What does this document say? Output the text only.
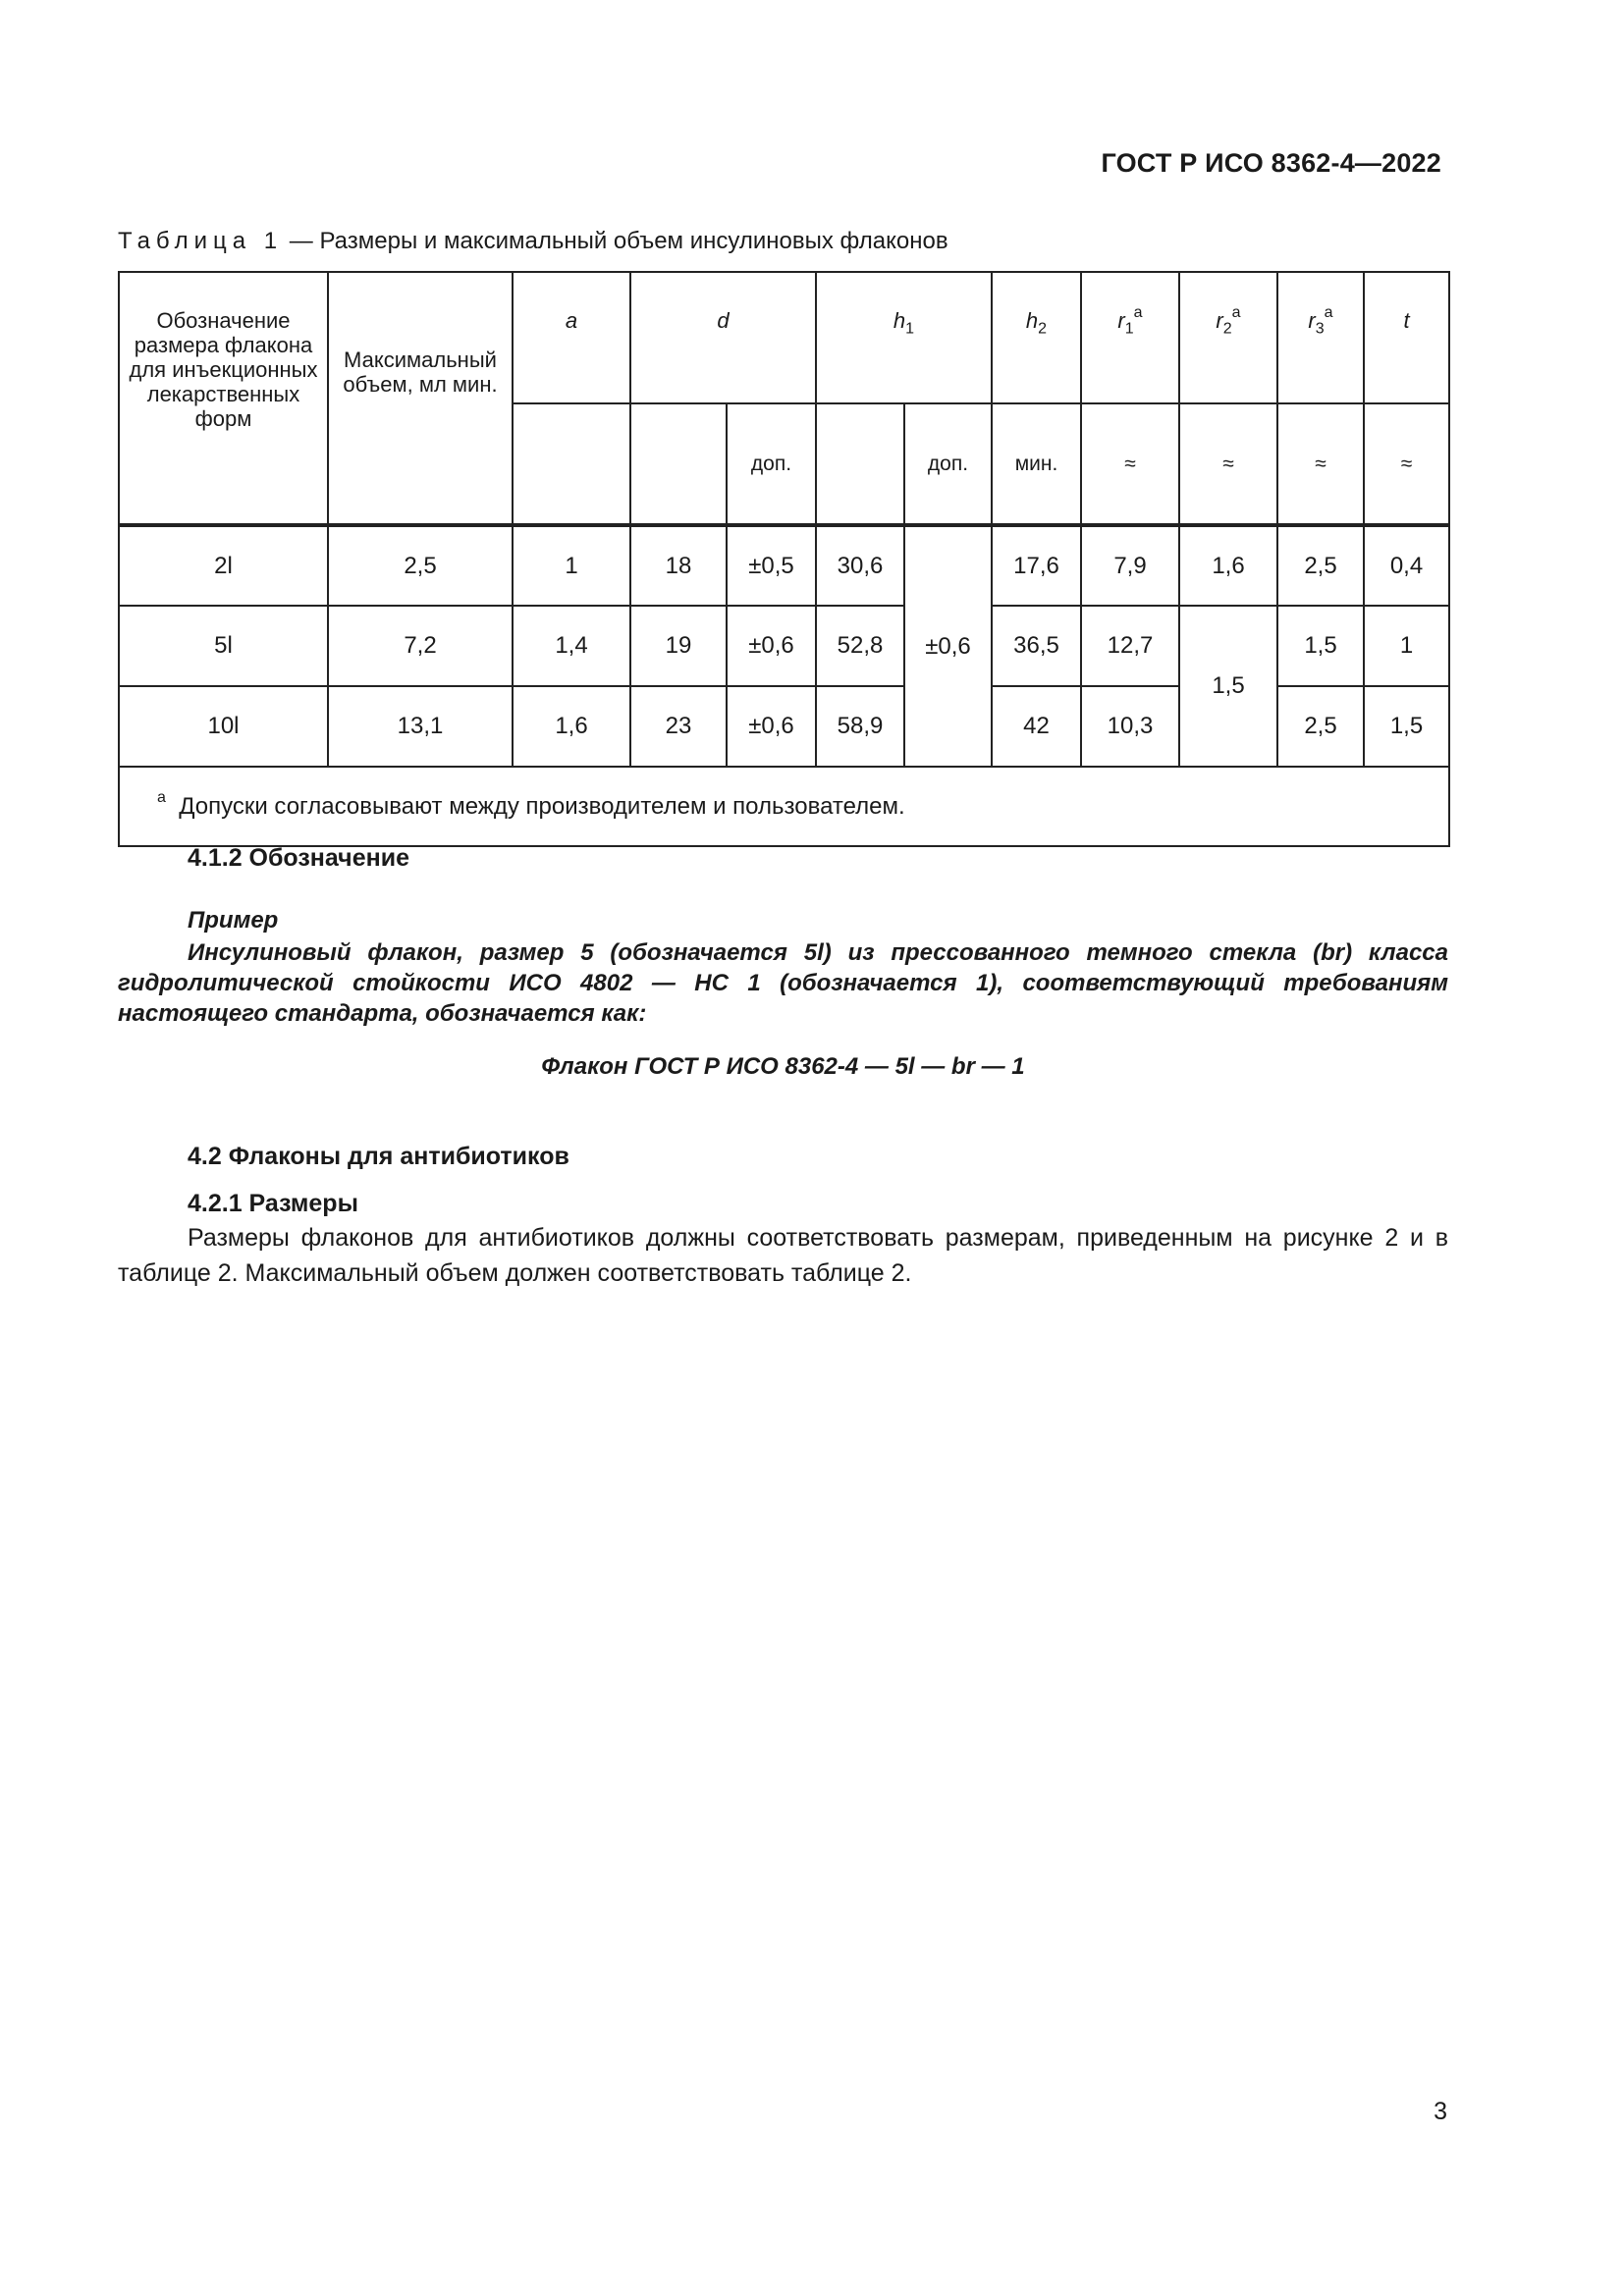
ГОСТ Р ИСО 8362-4—2022
Таблица 1 — Размеры и максимальный объем инсулиновых флаконов
Обозначение размера флакона для инъекционных лекарственных форм	Максимальный объем, мл мин.	a	d		$h_1$		$h_2$	$r_1^a$	$r_2^a$	$r_3^a$	t
				доп.		доп.	мин.	≈	≈	≈	≈
2l	2,5	1	18	±0,5	30,6	±0,6	17,6	7,9	1,6	2,5	0,4
5l	7,2	1,4	19	±0,6	52,8		36,5	12,7	1,5	1,5	1
10l	13,1	1,6	23	±0,6	58,9		42	10,3		2,5	1,5
$^a$ Допуски согласовывают между производителем и пользователем.											
4.1.2 Обозначение
Пример
Инсулиновый флакон, размер 5 (обозначается 5l) из прессованного темного стекла (br) класса гидролитической стойкости ИСО 4802 — HC 1 (обозначается 1), соответствующий требованиям настоящего стандарта, обозначается как:
Флакон ГОСТ Р ИСО 8362-4 — 5l — br — 1
4.2 Флаконы для антибиотиков
4.2.1 Размеры
Размеры флаконов для антибиотиков должны соответствовать размерам, приведенным на рисунке 2 и в таблице 2. Максимальный объем должен соответствовать таблице 2.
3
